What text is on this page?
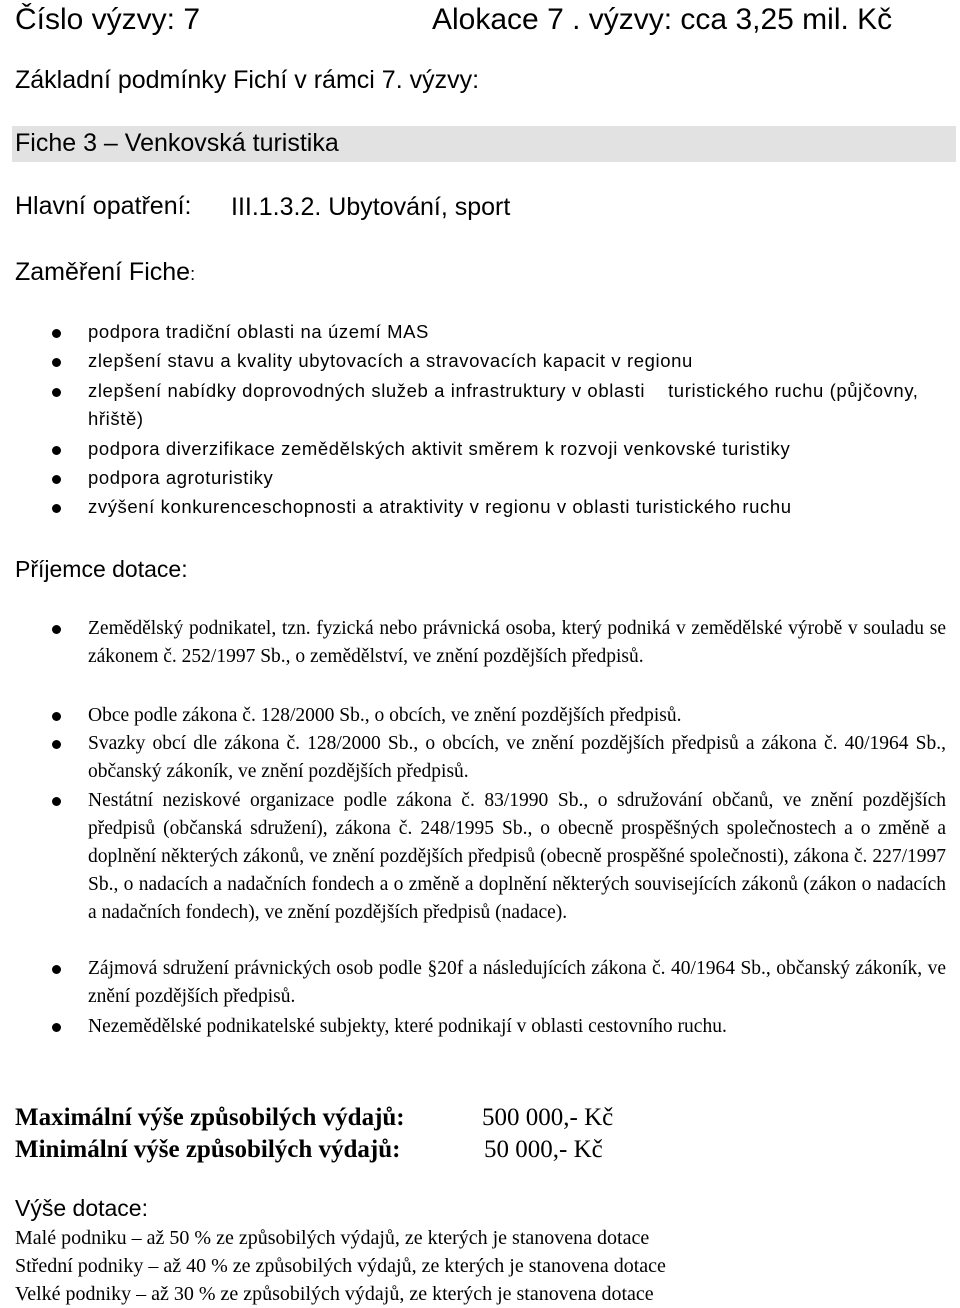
Číslo výzvy: 7	Alokace 7 . výzvy: cca 3,25 mil. Kč
Základní podmínky Fichí v rámci 7. výzvy:
Fiche 3 – Venkovská turistika
Hlavní opatření: III.1.3.2. Ubytování, sport
Zaměření Fiche:
podpora tradiční oblasti na území MAS
zlepšení stavu a kvality ubytovacích a stravovacích kapacit v regionu
zlepšení nabídky doprovodných služeb a infrastruktury v oblasti    turistického ruchu (půjčovny, hřiště)
podpora diverzifikace zemědělských aktivit směrem k rozvoji venkovské turistiky
podpora agroturistiky
zvýšení konkurenceschopnosti a atraktivity v regionu v oblasti turistického ruchu
Příjemce dotace:
Zemědělský podnikatel, tzn. fyzická nebo právnická osoba, který podniká v zemědělské výrobě v souladu se zákonem č. 252/1997 Sb., o zemědělství, ve znění pozdějších předpisů.
Obce podle zákona č. 128/2000 Sb., o obcích, ve znění pozdějších předpisů.
Svazky obcí dle zákona č. 128/2000 Sb., o obcích, ve znění pozdějších předpisů a zákona č. 40/1964 Sb., občanský zákoník, ve znění pozdějších předpisů.
Nestátní neziskové organizace podle zákona č. 83/1990 Sb., o sdružování občanů, ve znění pozdějších předpisů (občanská sdružení), zákona č. 248/1995 Sb., o obecně prospěšných společnostech a o změně a doplnění některých zákonů, ve znění pozdějších předpisů (obecně prospěšné společnosti), zákona č. 227/1997 Sb., o nadacích a nadačních fondech a o změně a doplnění některých souvisejících zákonů (zákon o nadacích a nadačních fondech), ve znění pozdějších předpisů (nadace).
Zájmová sdružení právnických osob podle §20f a následujících zákona č. 40/1964 Sb., občanský zákoník, ve znění pozdějších předpisů.
Nezemědělské podnikatelské subjekty, které podnikají v oblasti cestovního ruchu.
Maximální výše způsobilých výdajů:	500 000,- Kč
Minimální výše způsobilých výdajů:	50 000,- Kč
Výše dotace:
Malé podniku – až 50 % ze způsobilých výdajů, ze kterých je stanovena dotace
Střední podniky – až 40 % ze způsobilých výdajů, ze kterých je stanovena dotace
Velké podniky – až 30 % ze způsobilých výdajů, ze kterých je stanovena dotace
